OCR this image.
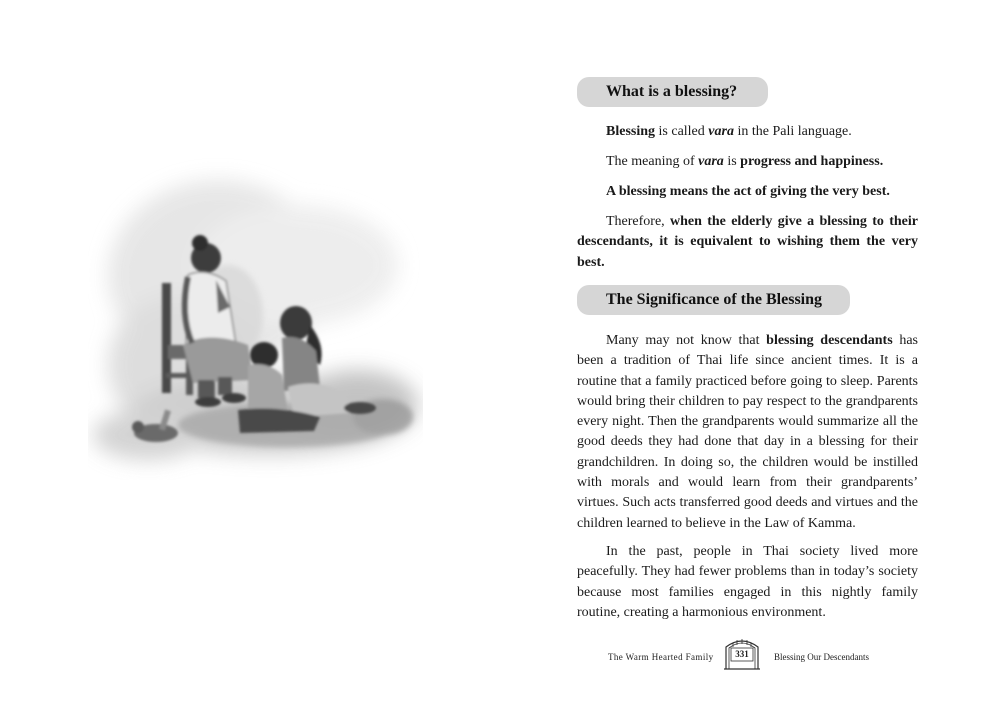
What is a blessing?

Blessing is called vara in the Pali language.

The meaning of vara is progress and happiness.

A blessing means the act of giving the very best.

Therefore, when the elderly give a blessing to their descendants, it is equivalent to wishing them the very best.

The Significance of the Blessing

Many may not know that blessing descendants has been a tradition of Thai life since ancient times. It is a routine that a family practiced before going to sleep. Parents would bring their children to pay respect to the grandparents every night. Then the grandparents would summarize all the good deeds they had done that day in a blessing for their grandchildren. In doing so, the children would be instilled with morals and would learn from their grandparents’ virtues. Such acts transferred good deeds and virtues and the children learned to believe in the Law of Kamma.

In the past, people in Thai society lived more peacefully. They had fewer problems than in today’s society because most families engaged in this nightly family routine, creating a harmonious environment.

The Warm Hearted Family	331	Blessing Our Descendants
